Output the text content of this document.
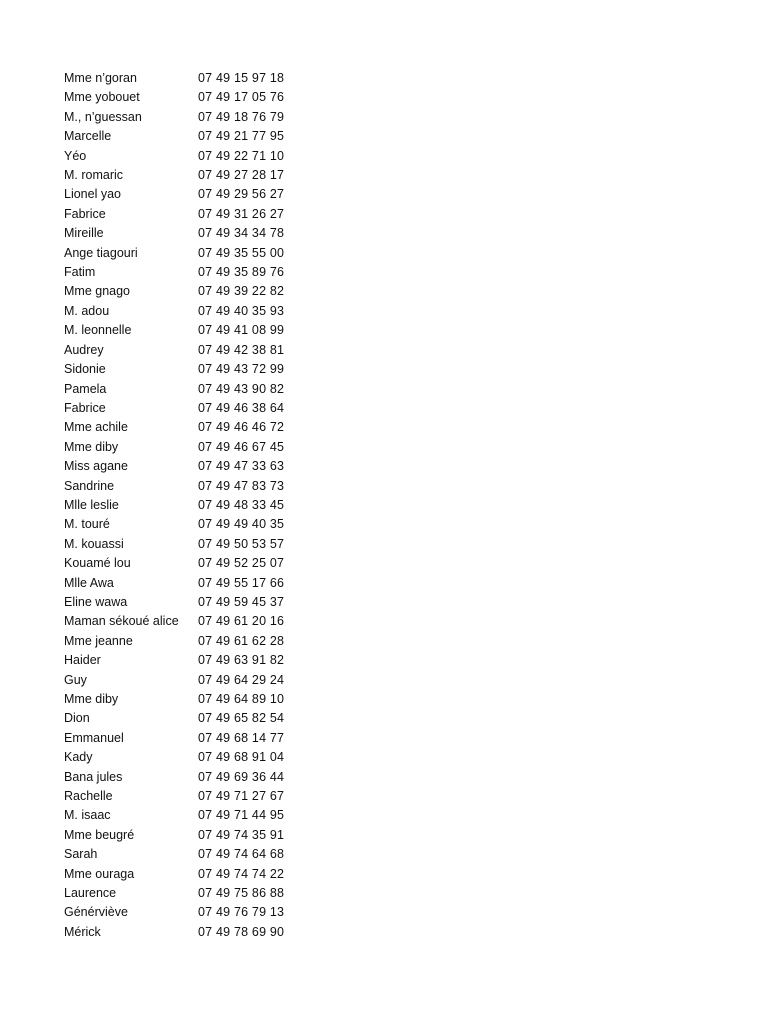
Mme n’goran	07 49 15 97 18
Mme yobouet	07 49 17 05 76
M., n’guessan	07 49 18 76 79
Marcelle	07 49 21 77 95
Yéo	07 49 22 71 10
M. romaric	07 49 27 28 17
Lionel yao	07 49 29 56 27
Fabrice	07 49 31 26 27
Mireille	07 49 34 34 78
Ange tiagouri	07 49 35 55 00
Fatim	07 49 35 89 76
Mme gnago	07 49 39 22 82
M. adou	07 49 40 35 93
M. leonnelle	07 49 41 08 99
Audrey	07 49 42 38 81
Sidonie	07 49 43 72 99
Pamela	07 49 43 90 82
Fabrice	07 49 46 38 64
Mme achile	07 49 46 46 72
Mme diby	07 49 46 67 45
Miss agane	07 49 47 33 63
Sandrine	07 49 47 83 73
Mlle leslie	07 49 48 33 45
M. touré	07 49 49 40 35
M. kouassi	07 49 50 53 57
Kouamé lou	07 49 52 25 07
Mlle Awa	07 49 55 17 66
Eline wawa	07 49 59 45 37
Maman sékoué alice	07 49 61 20 16
Mme jeanne	07 49 61 62 28
Haider	07 49 63 91 82
Guy	07 49 64 29 24
Mme diby	07 49 64 89 10
Dion	07 49 65 82 54
Emmanuel	07 49 68 14 77
Kady	07 49 68 91 04
Bana jules	07 49 69 36 44
Rachelle	07 49 71 27 67
M. isaac	07 49 71 44 95
Mme beugré	07 49 74 35 91
Sarah	07 49 74 64 68
Mme ouraga	07 49 74 74 22
Laurence	07 49 75 86 88
Générviève	07 49 76 79 13
Mérick	07 49 78 69 90
